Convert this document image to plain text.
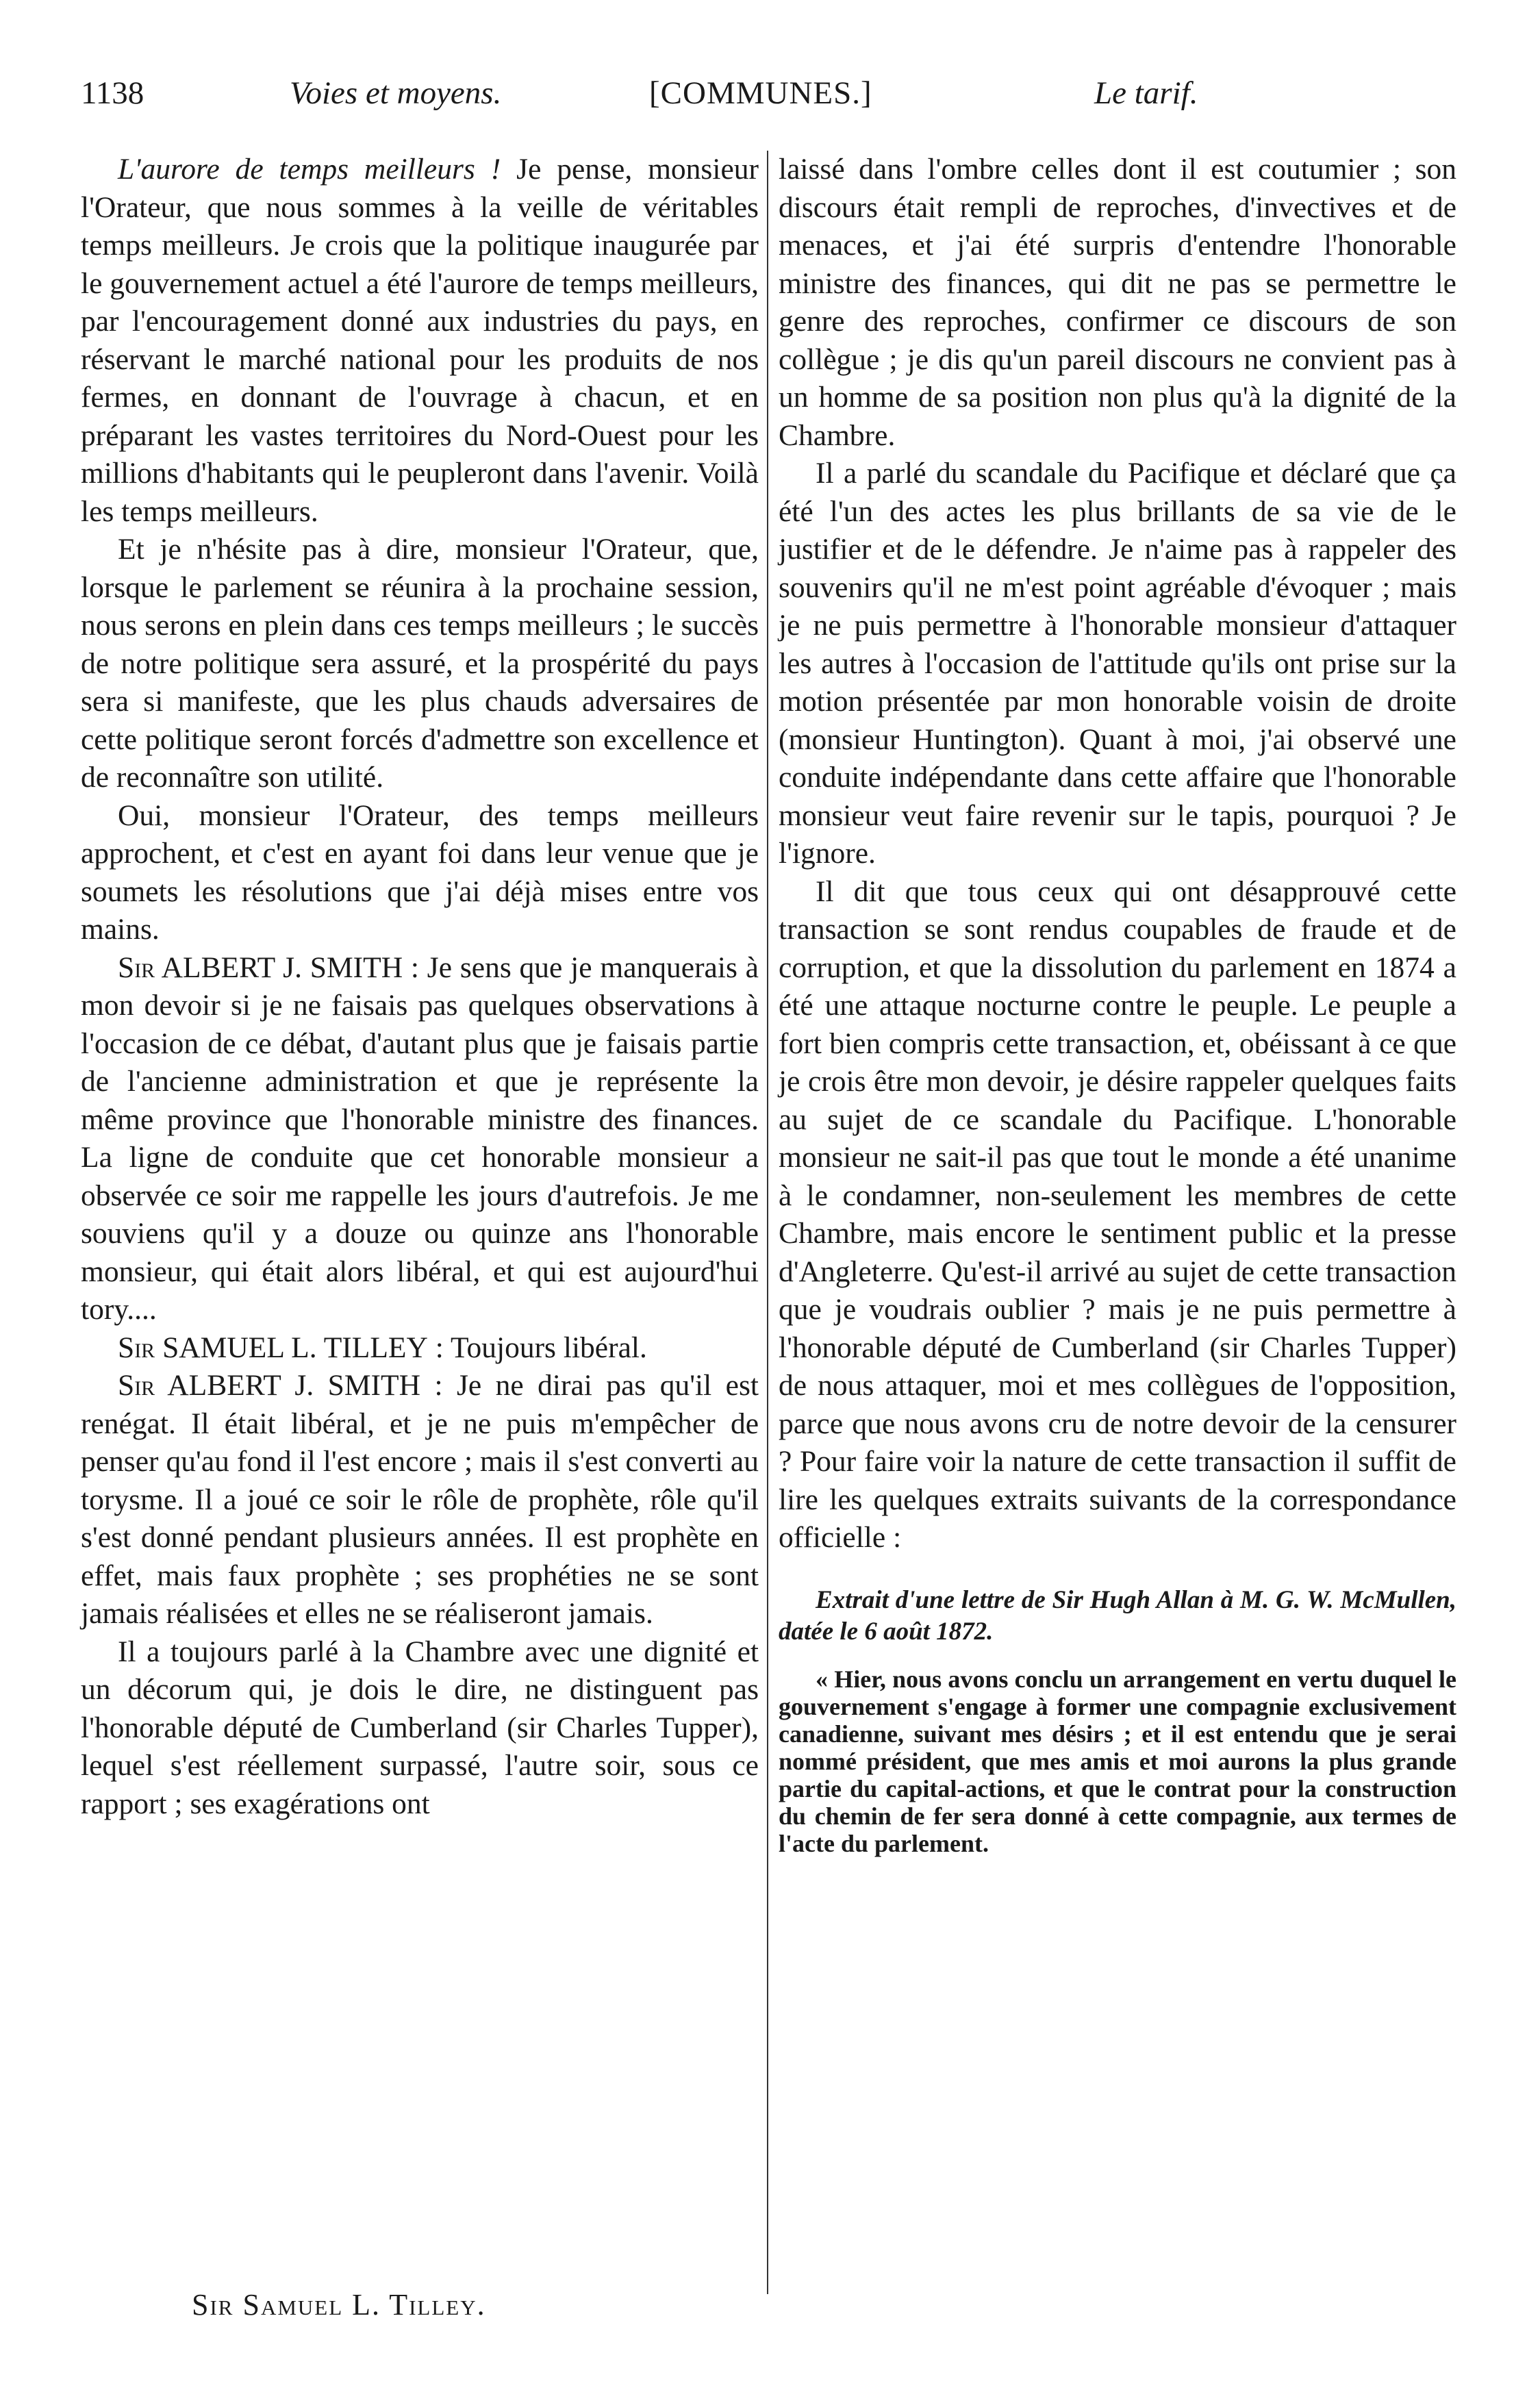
1138	Voies et moyens.	[COMMUNES.]	Le tarif.

L'aurore de temps meilleurs ! Je pense, monsieur l'Orateur, que nous sommes à la veille de véritables temps meilleurs. Je crois que la politique inaugurée par le gouvernement actuel a été l'aurore de temps meilleurs, par l'encouragement donné aux industries du pays, en réservant le marché national pour les produits de nos fermes, en donnant de l'ouvrage à chacun, et en préparant les vastes territoires du Nord-Ouest pour les millions d'habitants qui le peupleront dans l'avenir. Voilà les temps meilleurs.

Et je n'hésite pas à dire, monsieur l'Orateur, que, lorsque le parlement se réunira à la prochaine session, nous serons en plein dans ces temps meilleurs ; le succès de notre politique sera assuré, et la prospérité du pays sera si manifeste, que les plus chauds adversaires de cette politique seront forcés d'admettre son excellence et de reconnaître son utilité.

Oui, monsieur l'Orateur, des temps meilleurs approchent, et c'est en ayant foi dans leur venue que je soumets les résolutions que j'ai déjà mises entre vos mains.

Sir ALBERT J. SMITH : Je sens que je manquerais à mon devoir si je ne faisais pas quelques observations à l'occasion de ce débat, d'autant plus que je faisais partie de l'ancienne administration et que je représente la même province que l'honorable ministre des finances. La ligne de conduite que cet honorable monsieur a observée ce soir me rappelle les jours d'autrefois. Je me souviens qu'il y a douze ou quinze ans l'honorable monsieur, qui était alors libéral, et qui est aujourd'hui tory....

Sir SAMUEL L. TILLEY : Toujours libéral.

Sir ALBERT J. SMITH : Je ne dirai pas qu'il est renégat. Il était libéral, et je ne puis m'empêcher de penser qu'au fond il l'est encore ; mais il s'est converti au torysme. Il a joué ce soir le rôle de prophète, rôle qu'il s'est donné pendant plusieurs années. Il est prophète en effet, mais faux prophète ; ses prophéties ne se sont jamais réalisées et elles ne se réaliseront jamais.

Il a toujours parlé à la Chambre avec une dignité et un décorum qui, je dois le dire, ne distinguent pas l'honorable député de Cumberland (sir Charles Tupper), lequel s'est réellement surpassé, l'autre soir, sous ce rapport ; ses exagérations ont

laissé dans l'ombre celles dont il est coutumier ; son discours était rempli de reproches, d'invectives et de menaces, et j'ai été surpris d'entendre l'honorable ministre des finances, qui dit ne pas se permettre le genre des reproches, confirmer ce discours de son collègue ; je dis qu'un pareil discours ne convient pas à un homme de sa position non plus qu'à la dignité de la Chambre.

Il a parlé du scandale du Pacifique et déclaré que ça été l'un des actes les plus brillants de sa vie de le justifier et de le défendre. Je n'aime pas à rappeler des souvenirs qu'il ne m'est point agréable d'évoquer ; mais je ne puis permettre à l'honorable monsieur d'attaquer les autres à l'occasion de l'attitude qu'ils ont prise sur la motion présentée par mon honorable voisin de droite (monsieur Huntington). Quant à moi, j'ai observé une conduite indépendante dans cette affaire que l'honorable monsieur veut faire revenir sur le tapis, pourquoi ? Je l'ignore.

Il dit que tous ceux qui ont désapprouvé cette transaction se sont rendus coupables de fraude et de corruption, et que la dissolution du parlement en 1874 a été une attaque nocturne contre le peuple. Le peuple a fort bien compris cette transaction, et, obéissant à ce que je crois être mon devoir, je désire rappeler quelques faits au sujet de ce scandale du Pacifique. L'honorable monsieur ne sait-il pas que tout le monde a été unanime à le condamner, non-seulement les membres de cette Chambre, mais encore le sentiment public et la presse d'Angleterre. Qu'est-il arrivé au sujet de cette transaction que je voudrais oublier ? mais je ne puis permettre à l'honorable député de Cumberland (sir Charles Tupper) de nous attaquer, moi et mes collègues de l'opposition, parce que nous avons cru de notre devoir de la censurer ? Pour faire voir la nature de cette transaction il suffit de lire les quelques extraits suivants de la correspondance officielle :

Extrait d'une lettre de Sir Hugh Allan à M. G. W. McMullen, datée le 6 août 1872.

« Hier, nous avons conclu un arrangement en vertu duquel le gouvernement s'engage à former une compagnie exclusivement canadienne, suivant mes désirs ; et il est entendu que je serai nommé président, que mes amis et moi aurons la plus grande partie du capital-actions, et que le contrat pour la construction du chemin de fer sera donné à cette compagnie, aux termes de l'acte du parlement.

Sir Samuel L. Tilley.
